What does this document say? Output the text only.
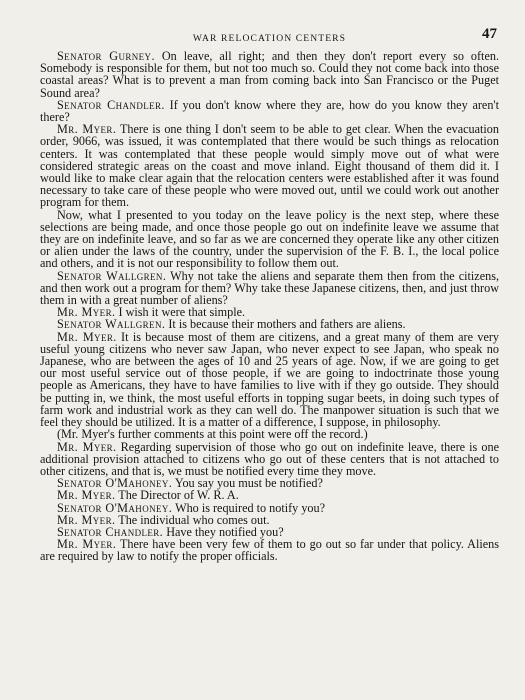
WAR RELOCATION CENTERS	47

Senator Gurney. On leave, all right; and then they don't report every so often. Somebody is responsible for them, but not too much so. Could they not come back into those coastal areas? What is to prevent a man from coming back into San Francisco or the Puget Sound area?

Senator Chandler. If you don't know where they are, how do you know they aren't there?

Mr. Myer. There is one thing I don't seem to be able to get clear. When the evacuation order, 9066, was issued, it was contemplated that there would be such things as relocation centers. It was contemplated that these people would simply move out of what were considered strategic areas on the coast and move inland. Eight thousand of them did it. I would like to make clear again that the relocation centers were established after it was found necessary to take care of these people who were moved out, until we could work out another program for them.

Now, what I presented to you today on the leave policy is the next step, where these selections are being made, and once those people go out on indefinite leave we assume that they are on indefinite leave, and so far as we are concerned they operate like any other citizen or alien under the laws of the country, under the supervision of the F. B. I., the local police and others, and it is not our responsibility to follow them out.

Senator Wallgren. Why not take the aliens and separate them then from the citizens, and then work out a program for them? Why take these Japanese citizens, then, and just throw them in with a great number of aliens?

Mr. Myer. I wish it were that simple.

Senator Wallgren. It is because their mothers and fathers are aliens.

Mr. Myer. It is because most of them are citizens, and a great many of them are very useful young citizens who never saw Japan, who never expect to see Japan, who speak no Japanese, who are between the ages of 10 and 25 years of age. Now, if we are going to get our most useful service out of those people, if we are going to indoctrinate those young people as Americans, they have to have families to live with if they go outside. They should be putting in, we think, the most useful efforts in topping sugar beets, in doing such types of farm work and industrial work as they can well do. The manpower situation is such that we feel they should be utilized. It is a matter of a difference, I suppose, in philosophy.

(Mr. Myer's further comments at this point were off the record.)

Mr. Myer. Regarding supervision of those who go out on indefinite leave, there is one additional provision attached to citizens who go out of these centers that is not attached to other citizens, and that is, we must be notified every time they move.

Senator O'Mahoney. You say you must be notified?

Mr. Myer. The Director of W. R. A.

Senator O'Mahoney. Who is required to notify you?

Mr. Myer. The individual who comes out.

Senator Chandler. Have they notified you?

Mr. Myer. There have been very few of them to go out so far under that policy. Aliens are required by law to notify the proper officials.
